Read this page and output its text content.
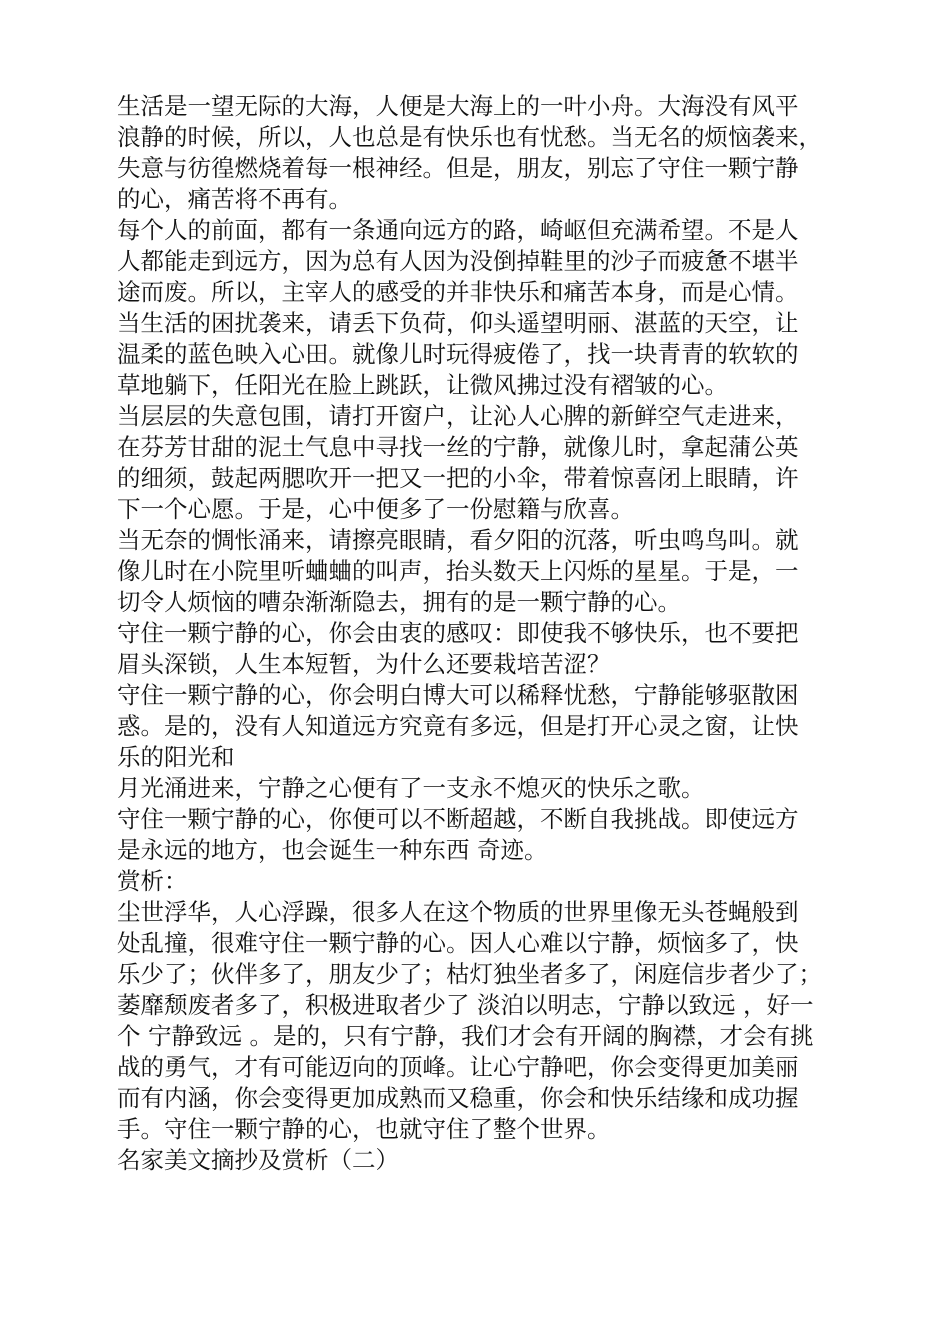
生活是一望无际的大海，人便是大海上的一叶小舟。大海没有风平
浪静的时候，所以，人也总是有快乐也有忧愁。当无名的烦恼袭来，
失意与彷徨燃烧着每一根神经。但是，朋友，别忘了守住一颗宁静
的心，痛苦将不再有。
每个人的前面，都有一条通向远方的路，崎岖但充满希望。不是人
人都能走到远方，因为总有人因为没倒掉鞋里的沙子而疲惫不堪半
途而废。所以，主宰人的感受的并非快乐和痛苦本身，而是心情。
当生活的困扰袭来，请丢下负荷，仰头遥望明丽、湛蓝的天空，让
温柔的蓝色映入心田。就像儿时玩得疲倦了，找一块青青的软软的
草地躺下，任阳光在脸上跳跃，让微风拂过没有褶皱的心。
当层层的失意包围，请打开窗户，让沁人心脾的新鲜空气走进来，
在芬芳甘甜的泥土气息中寻找一丝的宁静，就像儿时，拿起蒲公英
的细须，鼓起两腮吹开一把又一把的小伞，带着惊喜闭上眼睛，许
下一个心愿。于是，心中便多了一份慰籍与欣喜。
当无奈的惆怅涌来，请擦亮眼睛，看夕阳的沉落，听虫鸣鸟叫。就
像儿时在小院里听蛐蛐的叫声，抬头数天上闪烁的星星。于是，一
切令人烦恼的嘈杂渐渐隐去，拥有的是一颗宁静的心。
守住一颗宁静的心，你会由衷的感叹：即使我不够快乐，也不要把
眉头深锁，人生本短暂，为什么还要栽培苦涩？
守住一颗宁静的心，你会明白博大可以稀释忧愁，宁静能够驱散困
惑。是的，没有人知道远方究竟有多远，但是打开心灵之窗，让快
乐的阳光和
月光涌进来，宁静之心便有了一支永不熄灭的快乐之歌。
守住一颗宁静的心，你便可以不断超越，不断自我挑战。即使远方
是永远的地方，也会诞生一种东西 奇迹。
赏析：
尘世浮华，人心浮躁，很多人在这个物质的世界里像无头苍蝇般到
处乱撞，很难守住一颗宁静的心。因人心难以宁静，烦恼多了，快
乐少了；伙伴多了，朋友少了；枯灯独坐者多了，闲庭信步者少了；
萎靡颓废者多了，积极进取者少了 淡泊以明志，宁静以致远 ，好一
个 宁静致远 。是的，只有宁静，我们才会有开阔的胸襟，才会有挑
战的勇气，才有可能迈向的顶峰。让心宁静吧，你会变得更加美丽
而有内涵，你会变得更加成熟而又稳重，你会和快乐结缘和成功握
手。守住一颗宁静的心，也就守住了整个世界。
名家美文摘抄及赏析（二）
